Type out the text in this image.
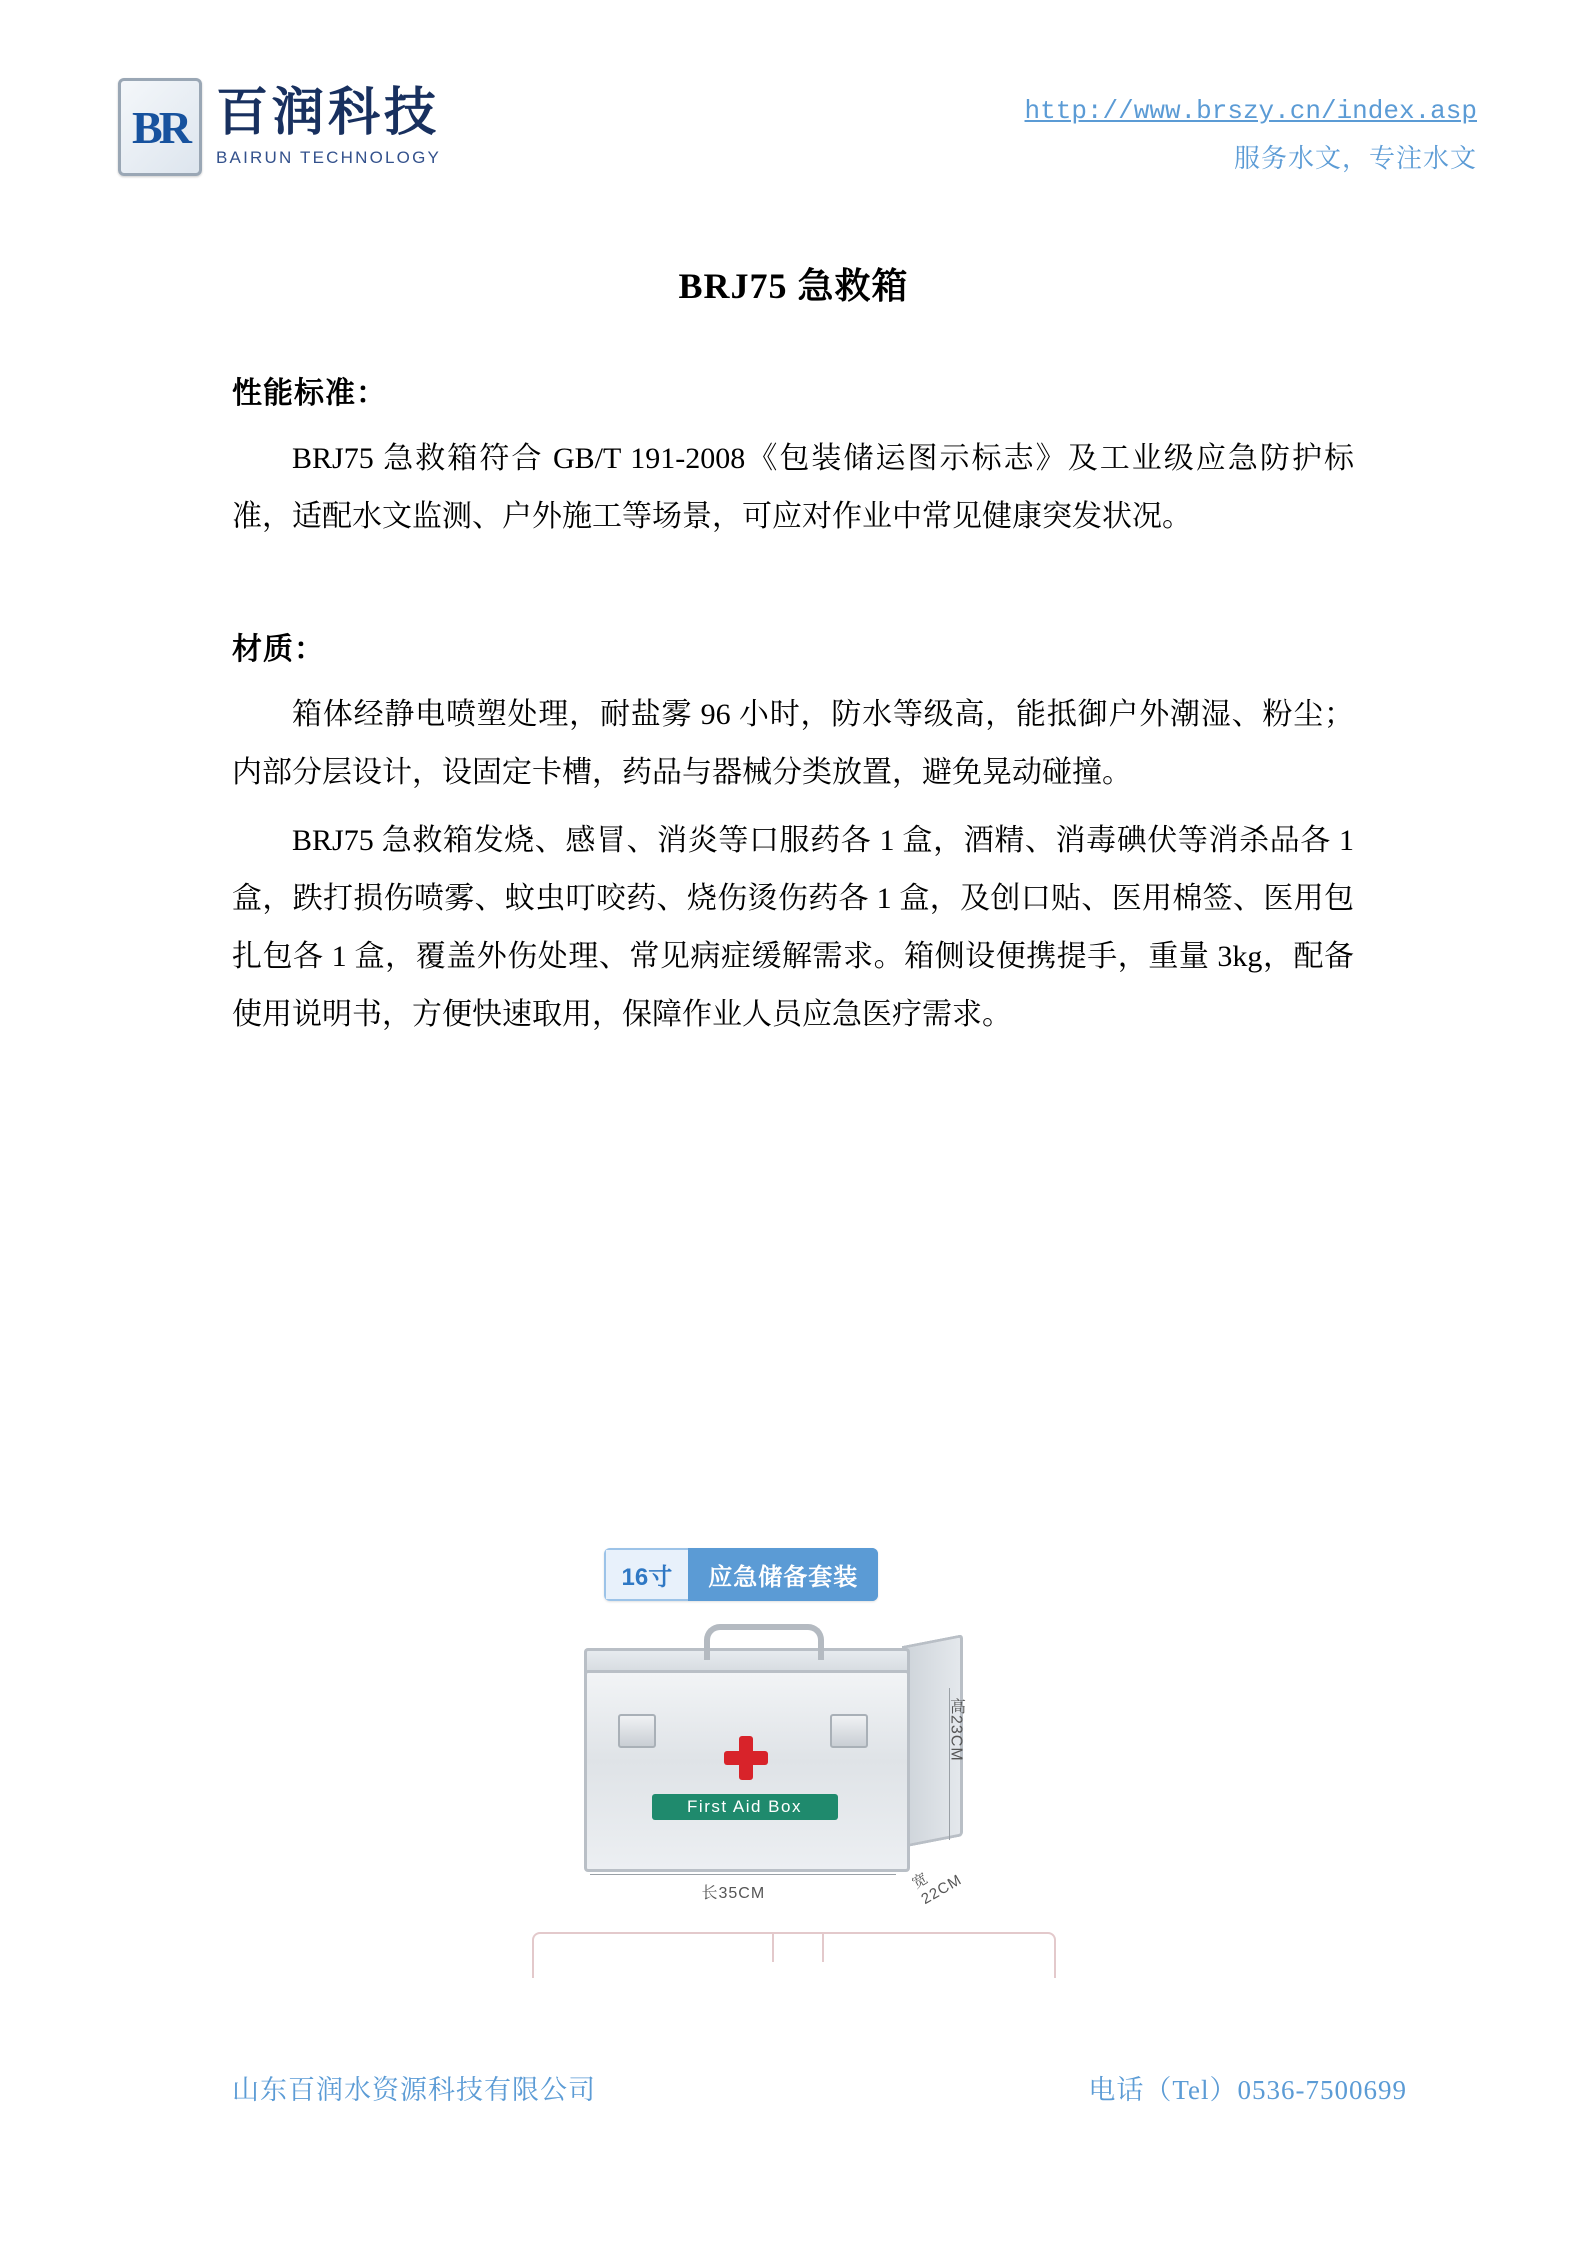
BR 百润科技
BAIRUN TECHNOLOGY
http://www.brszy.cn/index.asp
服务水文，专注水文
BRJ75 急救箱
性能标准：

BRJ75 急救箱符合 GB/T 191-2008《包装储运图示标志》及工业级应急防护标准，适配水文监测、户外施工等场景，可应对作业中常见健康突发状况。

材质：

箱体经静电喷塑处理，耐盐雾 96 小时，防水等级高，能抵御户外潮湿、粉尘；内部分层设计，设固定卡槽，药品与器械分类放置，避免晃动碰撞。

BRJ75 急救箱发烧、感冒、消炎等口服药各 1 盒，酒精、消毒碘伏等消杀品各 1 盒，跌打损伤喷雾、蚊虫叮咬药、烧伤烫伤药各 1 盒，及创口贴、医用棉签、医用包扎包各 1 盒，覆盖外伤处理、常见病症缓解需求。箱侧设便携提手，重量 3kg，配备使用说明书，方便快速取用，保障作业人员应急医疗需求。

16寸	应急储备套装
First Aid Box
高23CM
长35CM
宽22CM
山东百润水资源科技有限公司	电话（Tel）0536-7500699
